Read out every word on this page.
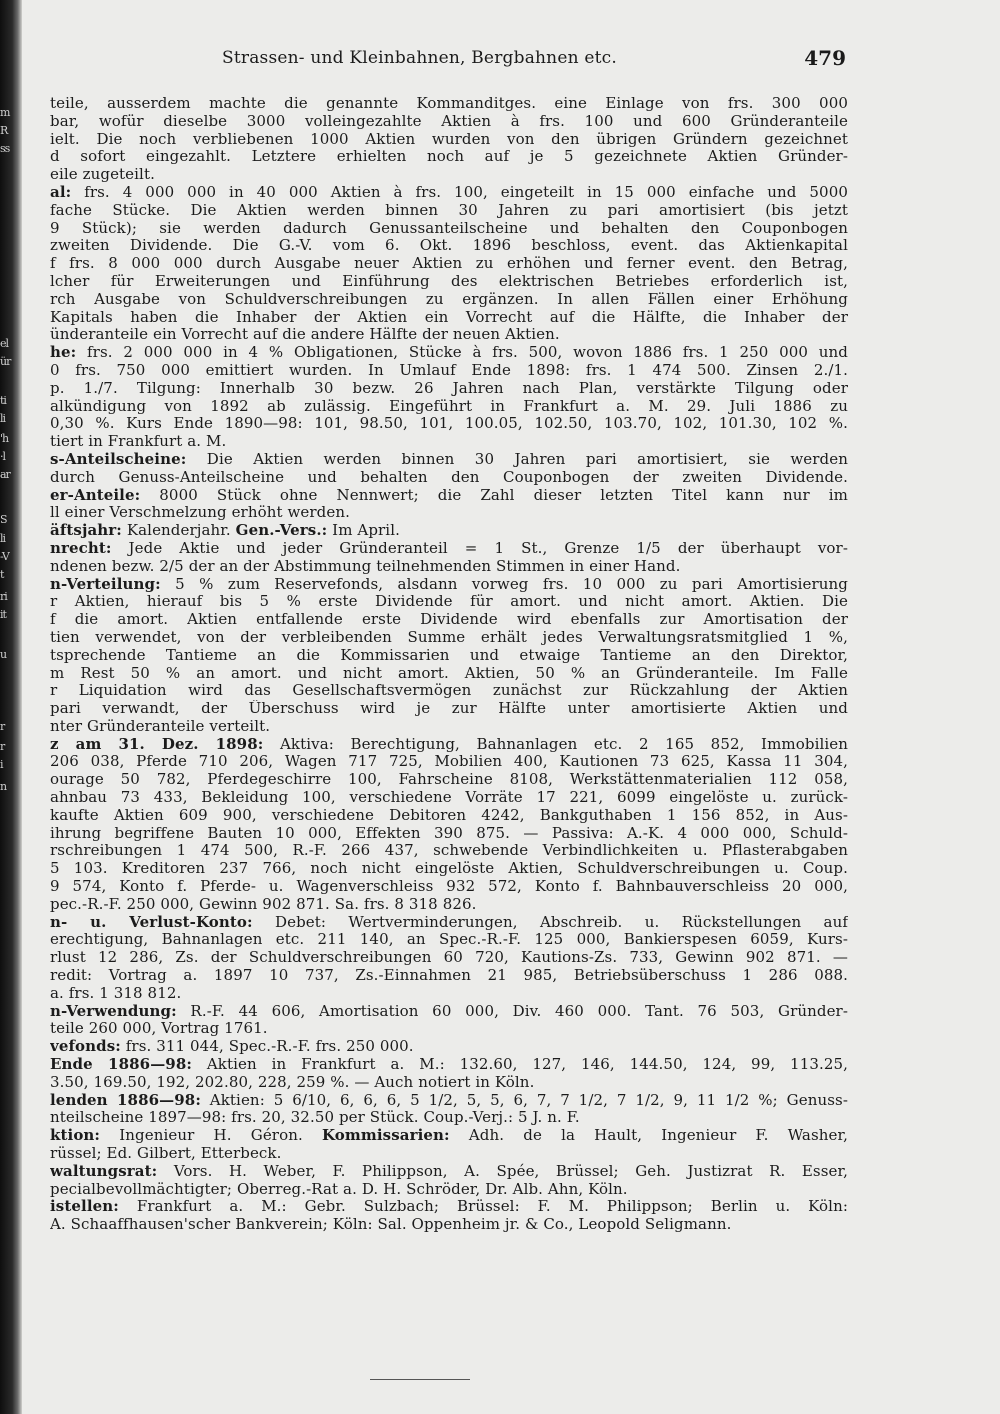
m
R
ss
el
ür
ti
li
'h
·l
ar
S
li
-V
t
ri
it
u
r
r
i
n
Strassen- und Kleinbahnen, Bergbahnen etc.	479
teile, ausserdem machte die genannte Kommanditges. eine Einlage von frs. 300 000
bar, wofür dieselbe 3000 volleingezahlte Aktien à frs. 100 und 600 Gründeranteile
ielt. Die noch verbliebenen 1000 Aktien wurden von den übrigen Gründern gezeichnet
d sofort eingezahlt. Letztere erhielten noch auf je 5 gezeichnete Aktien Gründer-
eile zugeteilt.
al: frs. 4 000 000 in 40 000 Aktien à frs. 100, eingeteilt in 15 000 einfache und 5000
fache Stücke. Die Aktien werden binnen 30 Jahren zu pari amortisiert (bis jetzt
9 Stück); sie werden dadurch Genussanteilscheine und behalten den Couponbogen
zweiten Dividende. Die G.-V. vom 6. Okt. 1896 beschloss, event. das Aktienkapital
f frs. 8 000 000 durch Ausgabe neuer Aktien zu erhöhen und ferner event. den Betrag,
lcher für Erweiterungen und Einführung des elektrischen Betriebes erforderlich ist,
rch Ausgabe von Schuldverschreibungen zu ergänzen. In allen Fällen einer Erhöhung
Kapitals haben die Inhaber der Aktien ein Vorrecht auf die Hälfte, die Inhaber der
ünderanteile ein Vorrecht auf die andere Hälfte der neuen Aktien.
he: frs. 2 000 000 in 4 % Obligationen, Stücke à frs. 500, wovon 1886 frs. 1 250 000 und
0 frs. 750 000 emittiert wurden. In Umlauf Ende 1898: frs. 1 474 500. Zinsen 2./1.
p. 1./7. Tilgung: Innerhalb 30 bezw. 26 Jahren nach Plan, verstärkte Tilgung oder
alkündigung von 1892 ab zulässig. Eingeführt in Frankfurt a. M. 29. Juli 1886 zu
0,30 %. Kurs Ende 1890—98: 101, 98.50, 101, 100.05, 102.50, 103.70, 102, 101.30, 102 %.
tiert in Frankfurt a. M.
s-Anteilscheine: Die Aktien werden binnen 30 Jahren pari amortisiert, sie werden
durch Genuss-Anteilscheine und behalten den Couponbogen der zweiten Dividende.
er-Anteile: 8000 Stück ohne Nennwert; die Zahl dieser letzten Titel kann nur im
ll einer Verschmelzung erhöht werden.
äftsjahr: Kalenderjahr. Gen.-Vers.: Im April.
nrecht: Jede Aktie und jeder Gründeranteil = 1 St., Grenze 1/5 der überhaupt vor-
ndenen bezw. 2/5 der an der Abstimmung teilnehmenden Stimmen in einer Hand.
n-Verteilung: 5 % zum Reservefonds, alsdann vorweg frs. 10 000 zu pari Amortisierung
r Aktien, hierauf bis 5 % erste Dividende für amort. und nicht amort. Aktien. Die
f die amort. Aktien entfallende erste Dividende wird ebenfalls zur Amortisation der
tien verwendet, von der verbleibenden Summe erhält jedes Verwaltungsratsmitglied 1 %,
tsprechende Tantieme an die Kommissarien und etwaige Tantieme an den Direktor,
m Rest 50 % an amort. und nicht amort. Aktien, 50 % an Gründeranteile. Im Falle
r Liquidation wird das Gesellschaftsvermögen zunächst zur Rückzahlung der Aktien
pari verwandt, der Überschuss wird je zur Hälfte unter amortisierte Aktien und
nter Gründeranteile verteilt.
z am 31. Dez. 1898: Aktiva: Berechtigung, Bahnanlagen etc. 2 165 852, Immobilien
206 038, Pferde 710 206, Wagen 717 725, Mobilien 400, Kautionen 73 625, Kassa 11 304,
ourage 50 782, Pferdegeschirre 100, Fahrscheine 8108, Werkstättenmaterialien 112 058,
ahnbau 73 433, Bekleidung 100, verschiedene Vorräte 17 221, 6099 eingelöste u. zurück-
kaufte Aktien 609 900, verschiedene Debitoren 4242, Bankguthaben 1 156 852, in Aus-
ihrung begriffene Bauten 10 000, Effekten 390 875. — Passiva: A.-K. 4 000 000, Schuld-
rschreibungen 1 474 500, R.-F. 266 437, schwebende Verbindlichkeiten u. Pflasterabgaben
5 103. Kreditoren 237 766, noch nicht eingelöste Aktien, Schuldverschreibungen u. Coup.
9 574, Konto f. Pferde- u. Wagenverschleiss 932 572, Konto f. Bahnbauverschleiss 20 000,
pec.-R.-F. 250 000, Gewinn 902 871. Sa. frs. 8 318 826.
n- u. Verlust-Konto: Debet: Wertverminderungen, Abschreib. u. Rückstellungen auf
erechtigung, Bahnanlagen etc. 211 140, an Spec.-R.-F. 125 000, Bankierspesen 6059, Kurs-
rlust 12 286, Zs. der Schuldverschreibungen 60 720, Kautions-Zs. 733, Gewinn 902 871. —
redit: Vortrag a. 1897 10 737, Zs.-Einnahmen 21 985, Betriebsüberschuss 1 286 088.
a. frs. 1 318 812.
n-Verwendung: R.-F. 44 606, Amortisation 60 000, Div. 460 000. Tant. 76 503, Gründer-
teile 260 000, Vortrag 1761.
vefonds: frs. 311 044, Spec.-R.-F. frs. 250 000.
Ende 1886—98: Aktien in Frankfurt a. M.: 132.60, 127, 146, 144.50, 124, 99, 113.25,
3.50, 169.50, 192, 202.80, 228, 259 %. — Auch notiert in Köln.
lenden 1886—98: Aktien: 5 6/10, 6, 6, 6, 5 1/2, 5, 5, 6, 7, 7 1/2, 7 1/2, 9, 11 1/2 %; Genuss-
nteilscheine 1897—98: frs. 20, 32.50 per Stück. Coup.-Verj.: 5 J. n. F.
ktion: Ingenieur H. Géron. Kommissarien: Adh. de la Hault, Ingenieur F. Washer,
rüssel; Ed. Gilbert, Etterbeck.
waltungsrat: Vors. H. Weber, F. Philippson, A. Spée, Brüssel; Geh. Justizrat R. Esser,
pecialbevollmächtigter; Oberreg.-Rat a. D. H. Schröder, Dr. Alb. Ahn, Köln.
istellen: Frankfurt a. M.: Gebr. Sulzbach; Brüssel: F. M. Philippson; Berlin u. Köln:
A. Schaaffhausen'scher Bankverein; Köln: Sal. Oppenheim jr. & Co., Leopold Seligmann.
